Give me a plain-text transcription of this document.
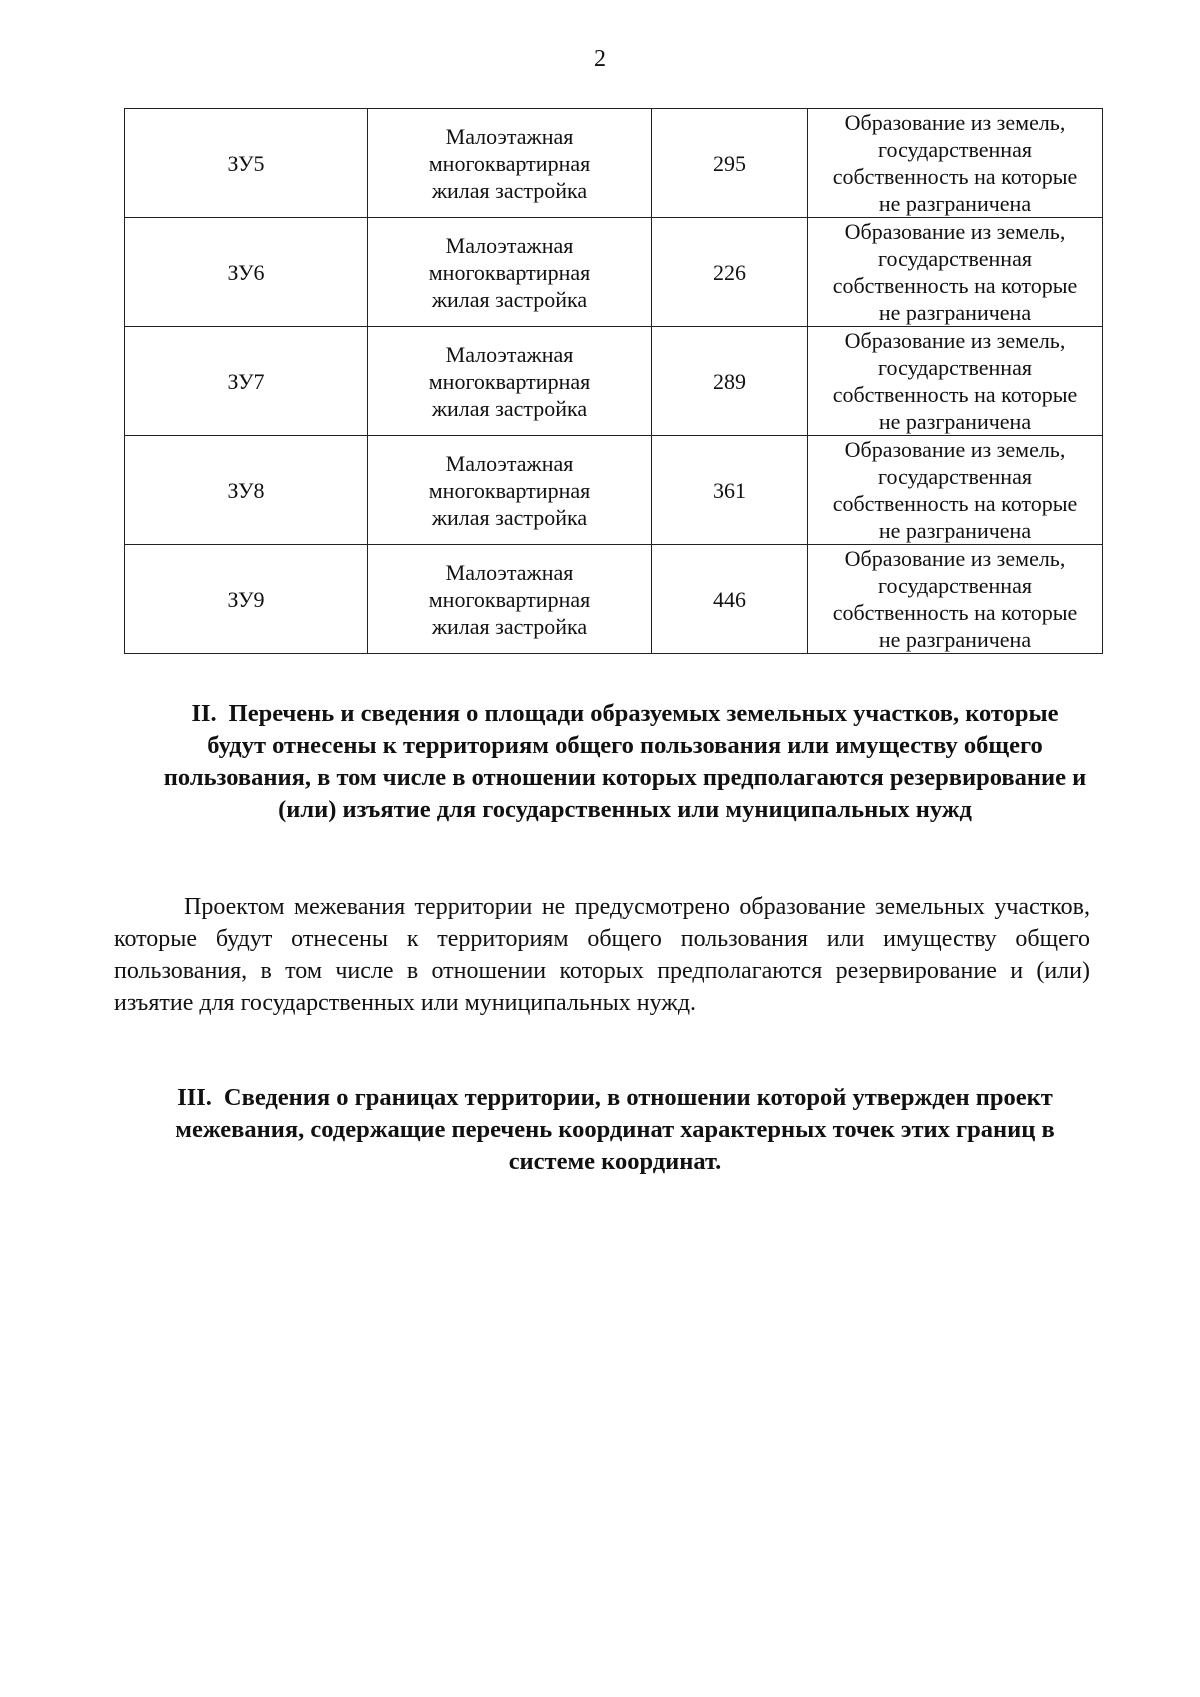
2
ЗУ5	Малоэтажная
многоквартирная
жилая застройка	295	Образование из земель,
государственная
собственность на которые
не разграничена

ЗУ6	Малоэтажная
многоквартирная
жилая застройка	226	Образование из земель,
государственная
собственность на которые
не разграничена

ЗУ7	Малоэтажная
многоквартирная
жилая застройка	289	Образование из земель,
государственная
собственность на которые
не разграничена

ЗУ8	Малоэтажная
многоквартирная
жилая застройка	361	Образование из земель,
государственная
собственность на которые
не разграничена

ЗУ9	Малоэтажная
многоквартирная
жилая застройка	446	Образование из земель,
государственная
собственность на которые
не разграничена
II. Перечень и сведения о площади образуемых земельных участков, которые будут отнесены к территориям общего пользования или имуществу общего пользования, в том числе в отношении которых предполагаются резервирование и (или) изъятие для государственных или муниципальных нужд

Проектом межевания территории не предусмотрено образование земельных участков, которые будут отнесены к территориям общего пользования или имуществу общего пользования, в том числе в отношении которых предполагаются резервирование и (или) изъятие для государственных или муниципальных нужд.

III. Сведения о границах территории, в отношении которой утвержден проект межевания, содержащие перечень координат характерных точек этих границ в системе координат.
